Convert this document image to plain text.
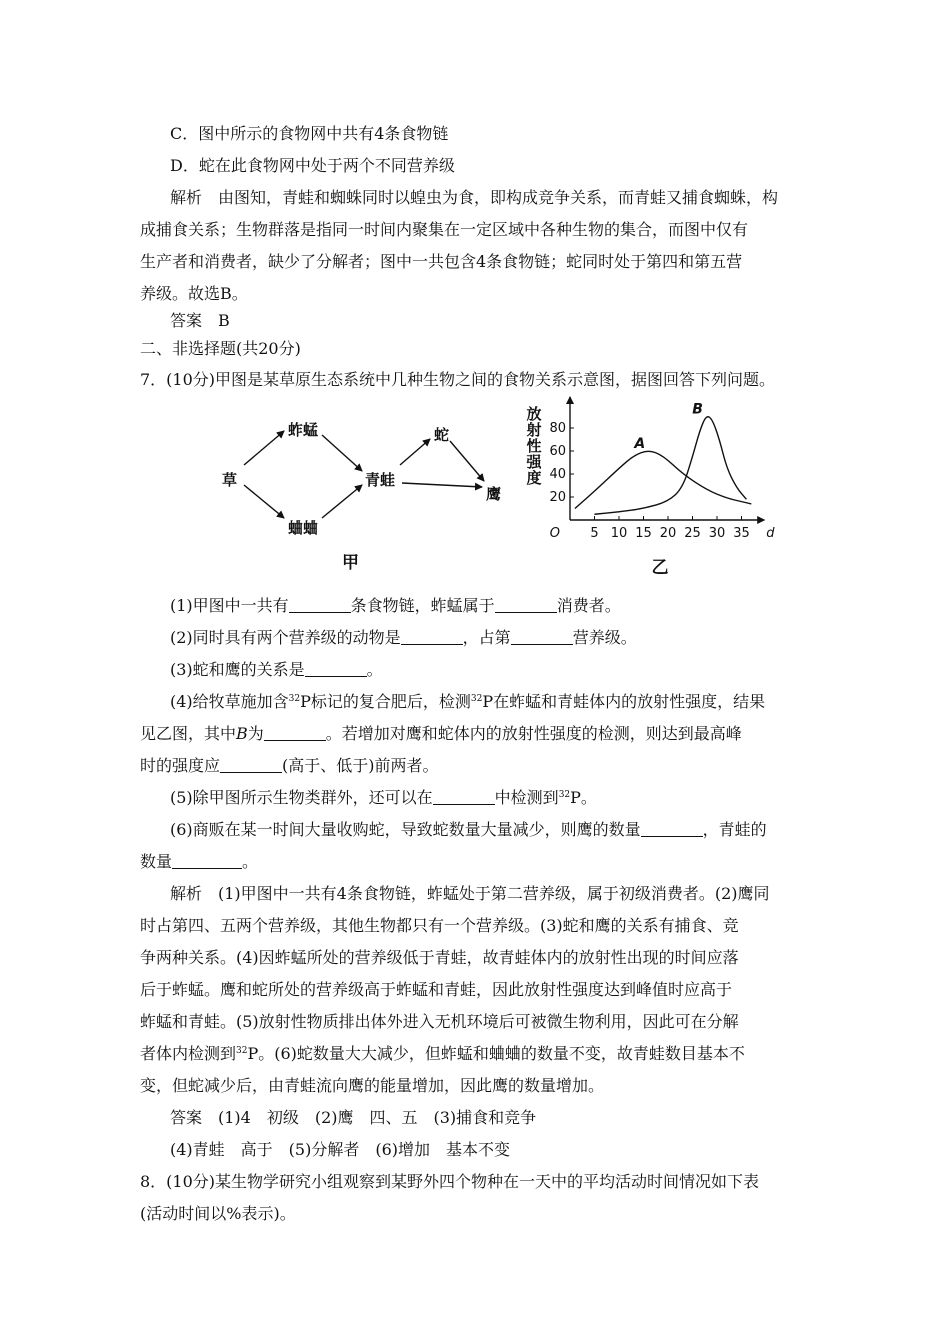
C．图中所示的食物网中共有4条食物链
D．蛇在此食物网中处于两个不同营养级
解析　由图知，青蛙和蜘蛛同时以蝗虫为食，即构成竞争关系，而青蛙又捕食蜘蛛，构
成捕食关系；生物群落是指同一时间内聚集在一定区域中各种生物的集合，而图中仅有
生产者和消费者，缺少了分解者；图中一共包含4条食物链；蛇同时处于第四和第五营
养级。故选B。
答案　B
二、非选择题(共20分)
7．(10分)甲图是某草原生态系统中几种生物之间的食物关系示意图，据图回答下列问题。
草
蚱蜢
蛐蛐
青蛙
蛇
鹰
甲
5 10 15 20 25 30 35
20
40
60
80
O	d
放
射
性
强
度
A
B
乙
(1)甲图中一共有	条食物链，蚱蜢属于	消费者。
(2)同时具有两个营养级的动物是	，占第	营养级。
(3)蛇和鹰的关系是	。
(4)给牧草施加含$^{32}$P标记的复合肥后，检测$^{32}$P在蚱蜢和青蛙体内的放射性强度，结果
见乙图，其中B为	。若增加对鹰和蛇体内的放射性强度的检测，则达到最高峰
时的强度应	(高于、低于)前两者。
(5)除甲图所示生物类群外，还可以在	中检测到$^{32}$P。
(6)商贩在某一时间大量收购蛇，导致蛇数量大量减少，则鹰的数量	，青蛙的
数量	。
解析　(1)甲图中一共有4条食物链，蚱蜢处于第二营养级，属于初级消费者。(2)鹰同
时占第四、五两个营养级，其他生物都只有一个营养级。(3)蛇和鹰的关系有捕食、竞
争两种关系。(4)因蚱蜢所处的营养级低于青蛙，故青蛙体内的放射性出现的时间应落
后于蚱蜢。鹰和蛇所处的营养级高于蚱蜢和青蛙，因此放射性强度达到峰值时应高于
蚱蜢和青蛙。(5)放射性物质排出体外进入无机环境后可被微生物利用，因此可在分解
者体内检测到$^{32}$P。(6)蛇数量大大减少，但蚱蜢和蛐蛐的数量不变，故青蛙数目基本不
变，但蛇减少后，由青蛙流向鹰的能量增加，因此鹰的数量增加。
答案　(1)4　初级　(2)鹰　四、五　(3)捕食和竞争
(4)青蛙　高于　(5)分解者　(6)增加　基本不变
8．(10分)某生物学研究小组观察到某野外四个物种在一天中的平均活动时间情况如下表
(活动时间以%表示)。
